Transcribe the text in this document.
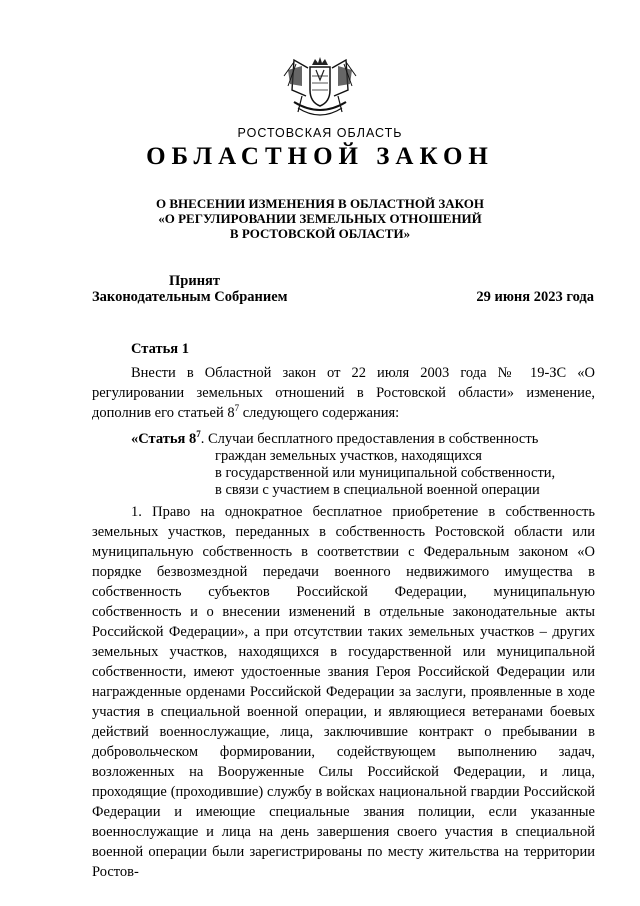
РОСТОВСКАЯ ОБЛАСТЬ
ОБЛАСТНОЙ ЗАКОН
О ВНЕСЕНИИ ИЗМЕНЕНИЯ В ОБЛАСТНОЙ ЗАКОН
«О РЕГУЛИРОВАНИИ ЗЕМЕЛЬНЫХ ОТНОШЕНИЙ
В РОСТОВСКОЙ ОБЛАСТИ»
Принят
Законодательным Собранием	29 июня 2023 года
Статья 1
Внести в Областной закон от 22 июля 2003 года № 19-ЗС «О регулировании земельных отношений в Ростовской области» изменение, дополнив его статьей $8^7$ следующего содержания:
«Статья $8^7$. Случаи бесплатного предоставления в собственность
граждан земельных участков, находящихся
в государственной или муниципальной собственности,
в связи с участием в специальной военной операции
1. Право на однократное бесплатное приобретение в собственность земельных участков, переданных в собственность Ростовской области или муниципальную собственность в соответствии с Федеральным законом «О порядке безвозмездной передачи военного недвижимого имущества в собственность субъектов Российской Федерации, муниципальную собственность и о внесении изменений в отдельные законодательные акты Российской Федерации», а при отсутствии таких земельных участков – других земельных участков, находящихся в государственной или муниципальной собственности, имеют удостоенные звания Героя Российской Федерации или награжденные орденами Российской Федерации за заслуги, проявленные в ходе участия в специальной военной операции, и являющиеся ветеранами боевых действий военнослужащие, лица, заключившие контракт о пребывании в добровольческом формировании, содействующем выполнению задач, возложенных на Вооруженные Силы Российской Федерации, и лица, проходящие (проходившие) службу в войсках национальной гвардии Российской Федерации и имеющие специальные звания полиции, если указанные военнослужащие и лица на день завершения своего участия в специальной военной операции были зарегистрированы по месту жительства на территории Ростов-
